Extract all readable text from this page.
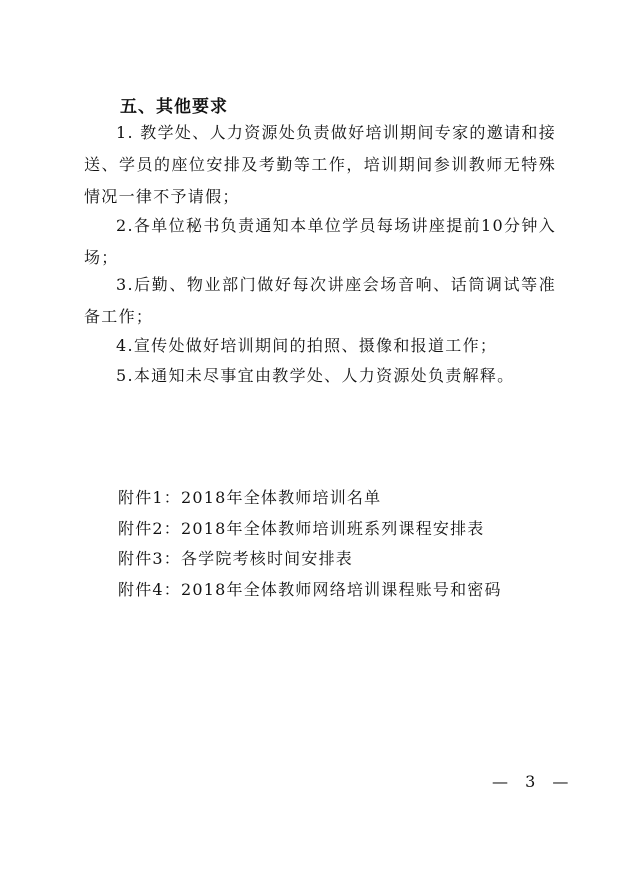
五、其他要求
1. 教学处、人力资源处负责做好培训期间专家的邀请和接送、学员的座位安排及考勤等工作，培训期间参训教师无特殊情况一律不予请假；
2.各单位秘书负责通知本单位学员每场讲座提前10分钟入场；
3.后勤、物业部门做好每次讲座会场音响、话筒调试等准备工作；
4.宣传处做好培训期间的拍照、摄像和报道工作；
5.本通知未尽事宜由教学处、人力资源处负责解释。
附件1：2018年全体教师培训名单
附件2：2018年全体教师培训班系列课程安排表
附件3：各学院考核时间安排表
附件4：2018年全体教师网络培训课程账号和密码
— 3 —
